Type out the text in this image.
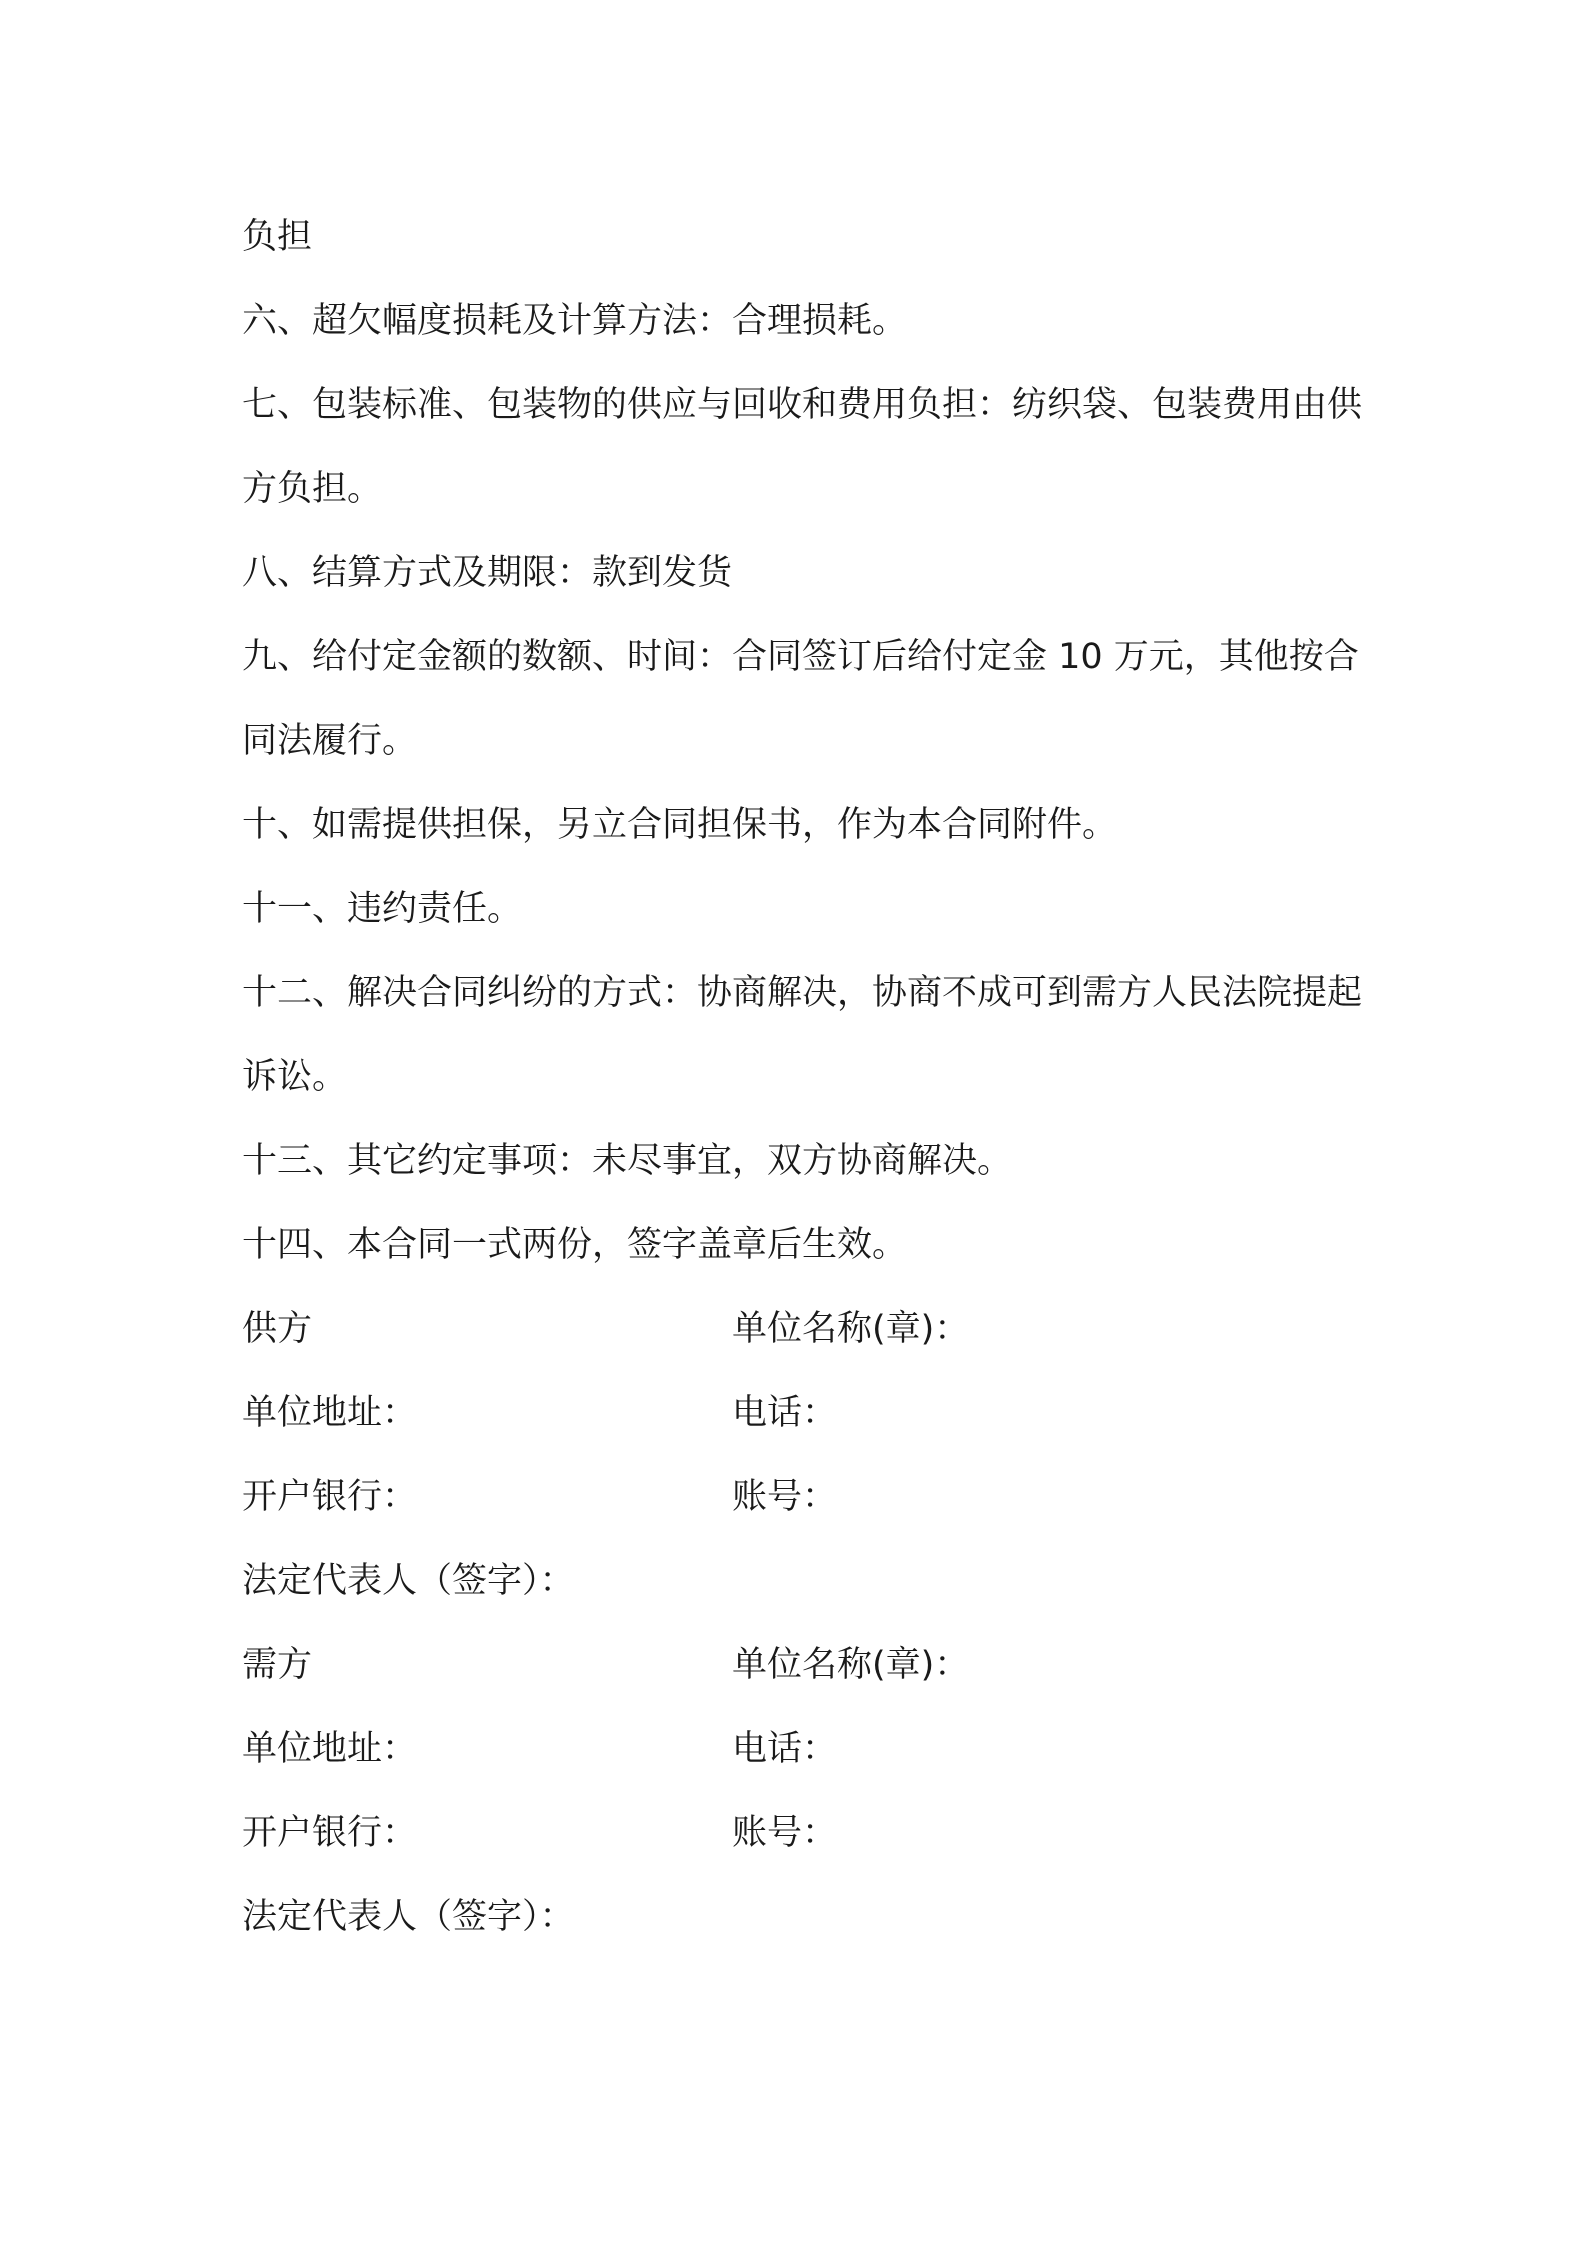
负担

六、超欠幅度损耗及计算方法：合理损耗。

七、包装标准、包装物的供应与回收和费用负担：纺织袋、包装费用由供方负担。

八、结算方式及期限：款到发货

九、给付定金额的数额、时间：合同签订后给付定金 10 万元，其他按合同法履行。

十、如需提供担保，另立合同担保书，作为本合同附件。

十一、违约责任。

十二、解决合同纠纷的方式：协商解决，协商不成可到需方人民法院提起诉讼。

十三、其它约定事项：未尽事宜，双方协商解决。

十四、本合同一式两份，签字盖章后生效。

供方	单位名称(章)：
单位地址：	电话：
开户银行：	账号：
法定代表人（签字）：
需方	单位名称(章)：
单位地址：	电话：
开户银行：	账号：
法定代表人（签字）：
